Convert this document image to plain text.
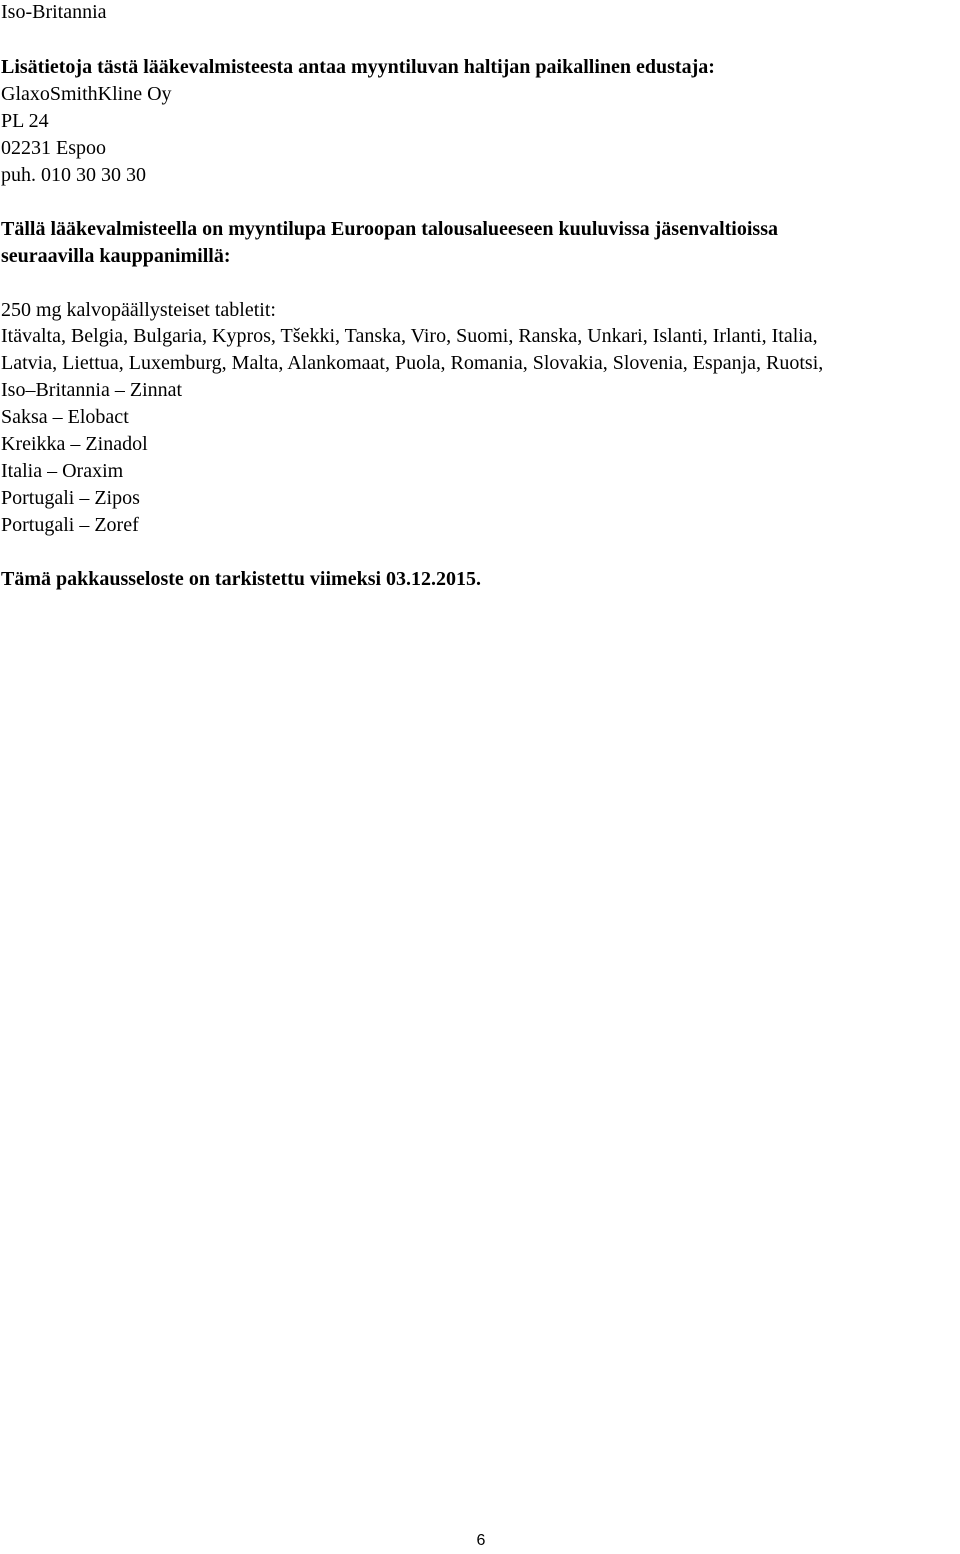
Iso-Britannia
Lisätietoja tästä lääkevalmisteesta antaa myyntiluvan haltijan paikallinen edustaja:
GlaxoSmithKline Oy
PL 24
02231 Espoo
puh. 010 30 30 30
Tällä lääkevalmisteella on myyntilupa Euroopan talousalueeseen kuuluvissa jäsenvaltioissa
seuraavilla kauppanimillä:
250 mg kalvopäällysteiset tabletit:
Itävalta, Belgia, Bulgaria, Kypros, Tšekki, Tanska, Viro, Suomi, Ranska, Unkari, Islanti, Irlanti, Italia,
Latvia, Liettua, Luxemburg, Malta, Alankomaat, Puola, Romania, Slovakia, Slovenia, Espanja, Ruotsi,
Iso–Britannia – Zinnat
Saksa – Elobact
Kreikka – Zinadol
Italia – Oraxim
Portugali – Zipos
Portugali – Zoref
Tämä pakkausseloste on tarkistettu viimeksi 03.12.2015.
6
